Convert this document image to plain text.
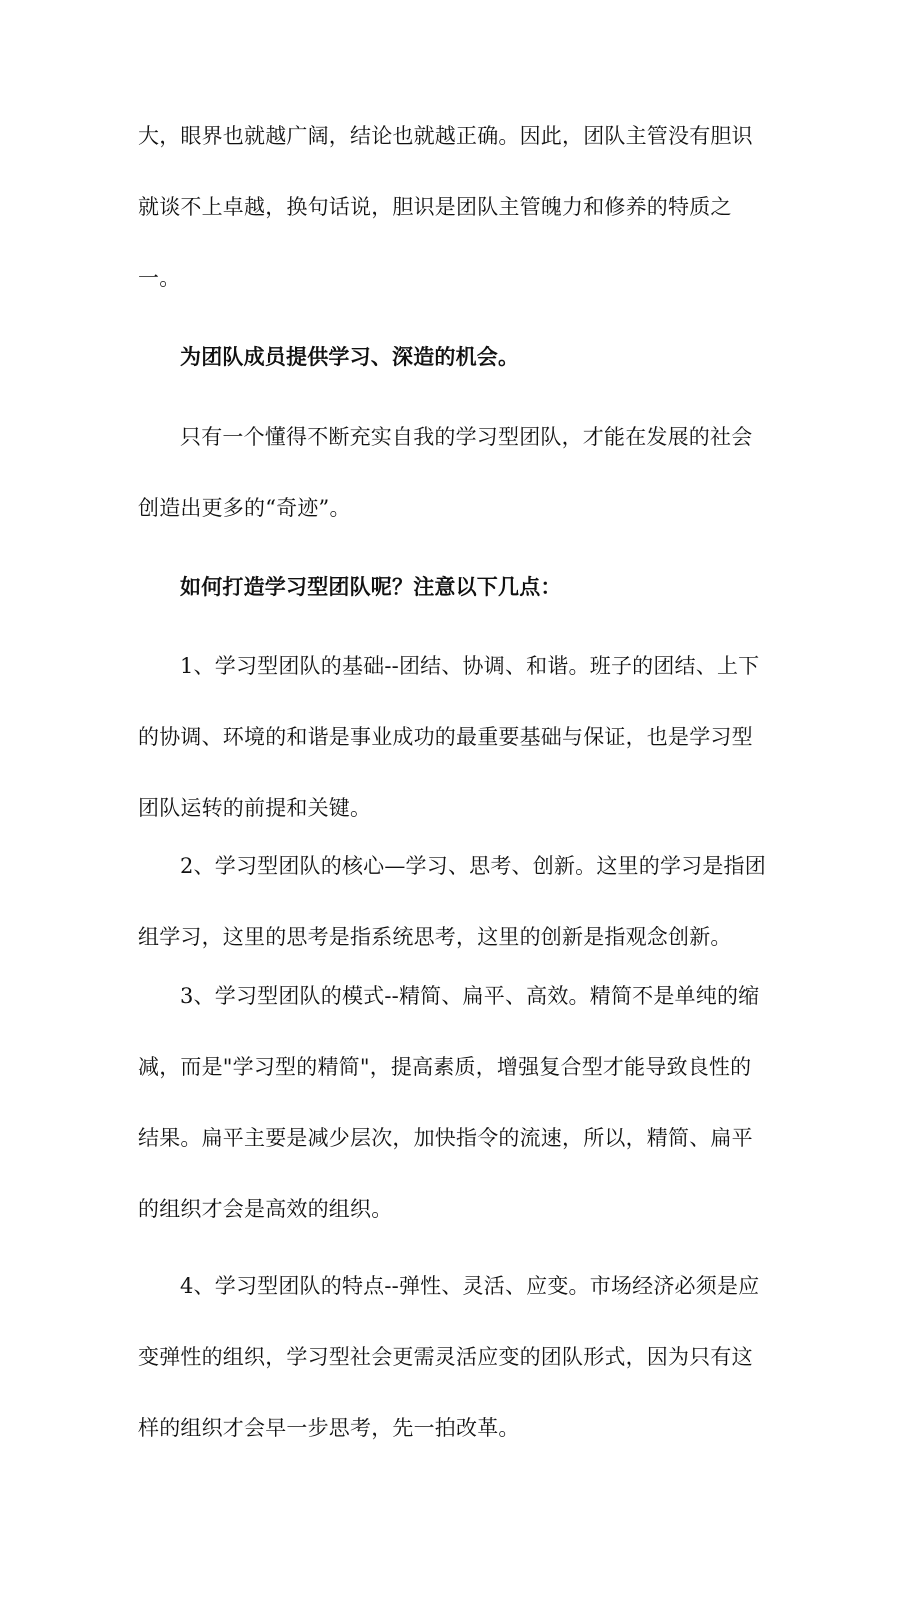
大，眼界也就越广阔，结论也就越正确。因此，团队主管没有胆识
就谈不上卓越，换句话说，胆识是团队主管魄力和修养的特质之
一。
为团队成员提供学习、深造的机会。
只有一个懂得不断充实自我的学习型团队，才能在发展的社会
创造出更多的“奇迹”。
如何打造学习型团队呢？注意以下几点：
1、学习型团队的基础--团结、协调、和谐。班子的团结、上下
的协调、环境的和谐是事业成功的最重要基础与保证，也是学习型
团队运转的前提和关键。
2、学习型团队的核心—学习、思考、创新。这里的学习是指团
组学习，这里的思考是指系统思考，这里的创新是指观念创新。
3、学习型团队的模式--精简、扁平、高效。精简不是单纯的缩
减，而是"学习型的精简"，提高素质，增强复合型才能导致良性的
结果。扁平主要是减少层次，加快指令的流速，所以，精简、扁平
的组织才会是高效的组织。
4、学习型团队的特点--弹性、灵活、应变。市场经济必须是应
变弹性的组织，学习型社会更需灵活应变的团队形式，因为只有这
样的组织才会早一步思考，先一拍改革。
